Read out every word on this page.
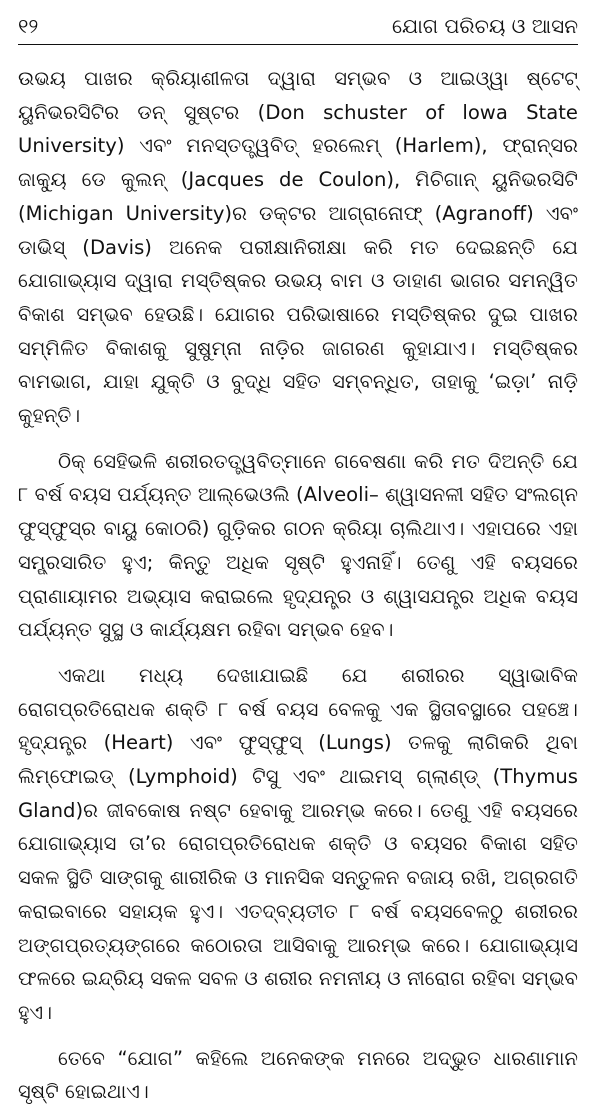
୧୨	ଯୋଗ ପରିଚୟ ଓ ଆସନ

ଉଭୟ ପାଖର କ୍ରିୟାଶୀଳତା ଦ୍ୱାରା ସମ୍ଭବ ଓ ଆଇଓ୍ୱା ଷ୍ଟେଟ୍ ୟୁନିଭରସିଟିର ଡନ୍ ସୁଷ୍ଟର (Don schuster of lowa State University) ଏବଂ ମନସ୍ତତ୍ତ୍ୱବିତ୍ ହରଲେମ୍ (Harlem), ଫ୍ରାନ୍ସର ଜାକ୍ୟୁ ଡେ କୁଲନ୍ (Jacques de Coulon), ମିଚିଗାନ୍ ୟୁନିଭରସିଟି (Michigan University)ର ଡକ୍ଟର ଆଗ୍ରାନୋଫ୍ (Agranoff) ଏବଂ ଡାଭିସ୍ (Davis) ଅନେକ ପରୀକ୍ଷାନିରୀକ୍ଷା କରି ମତ ଦେଇଛନ୍ତି ଯେ ଯୋଗାଭ୍ୟାସ ଦ୍ୱାରା ମସ୍ତିଷ୍କର ଉଭୟ ବାମ ଓ ଡାହାଣ ଭାଗର ସମନ୍ୱିତ ବିକାଶ ସମ୍ଭବ ହେଉଛି। ଯୋଗର ପରିଭାଷାରେ ମସ୍ତିଷ୍କର ଦୁଇ ପାଖର ସମ୍ମିଳିତ ବିକାଶକୁ ସୁଷୁମ୍ନା ନାଡ଼ିର ଜାଗରଣ କୁହାଯାଏ। ମସ୍ତିଷ୍କର ବାମଭାଗ, ଯାହା ଯୁକ୍ତି ଓ ବୁଦ୍ଧି ସହିତ ସମ୍ବନ୍ଧିତ, ତାହାକୁ ‘ଇଡ଼ା’ ନାଡ଼ି କୁହନ୍ତି।

ଠିକ୍ ସେହିଭଳି ଶରୀରତତ୍ତ୍ୱବିତ୍ମାନେ ଗବେଷଣା କରି ମତ ଦିଅନ୍ତି ଯେ ୮ ବର୍ଷ ବୟସ ପର୍ଯ୍ୟନ୍ତ ଆଲ୍‌ଭେଓଲି (Alveoli– ଶ୍ୱାସନଳୀ ସହିତ ସଂଲଗ୍ନ ଫୁସ୍‌ଫୁସ୍‌ର ବାୟୁ କୋଠରି) ଗୁଡ଼ିକର ଗଠନ କ୍ରିୟା ଚାଲିଥାଏ। ଏହାପରେ ଏହା ସମ୍ପ୍ରସାରିତ ହୁଏ; କିନ୍ତୁ ଅଧିକ ସୃଷ୍ଟି ହୁଏନାହିଁ। ତେଣୁ ଏହି ବୟସରେ ପ୍ରାଣାୟାମର ଅଭ୍ୟାସ କରାଇଲେ ହୃଦ୍‌ଯନ୍ତ୍ର ଓ ଶ୍ୱାସଯନ୍ତ୍ର ଅଧିକ ବୟସ ପର୍ଯ୍ୟନ୍ତ ସୁସ୍ଥ ଓ କାର୍ଯ୍ୟକ୍ଷମ ରହିବା ସମ୍ଭବ ହେବ।

ଏକଥା ମଧ୍ୟ ଦେଖାଯାଇଛି ଯେ ଶରୀରର ସ୍ୱାଭାବିକ ରୋଗପ୍ରତିରୋଧକ ଶକ୍ତି ୮ ବର୍ଷ ବୟସ ବେଳକୁ ଏକ ସ୍ଥିତାବସ୍ଥାରେ ପହଞ୍ଚେ। ହୃଦ୍‌ଯନ୍ତ୍ର (Heart) ଏବଂ ଫୁସ୍‌ଫୁସ୍ (Lungs) ତଳକୁ ଲାଗିକରି ଥିବା ଲିମ୍ଫୋଇଡ୍ (Lymphoid) ଟିସୁ ଏବଂ ଥାଇମସ୍ ଗ୍ଲାଣ୍ଡ୍ (Thymus Gland)ର ଜୀବକୋଷ ନଷ୍ଟ ହେବାକୁ ଆରମ୍ଭ କରେ। ତେଣୁ ଏହି ବୟସରେ ଯୋଗାଭ୍ୟାସ ତା’ର ରୋଗପ୍ରତିରୋଧକ ଶକ୍ତି ଓ ବୟସର ବିକାଶ ସହିତ ସକଳ ସ୍ଥିତି ସାଙ୍ଗକୁ ଶାରୀରିକ ଓ ମାନସିକ ସନ୍ତୁଳନ ବଜାୟ ରଖି, ଅଗ୍ରଗତି କରାଇବାରେ ସହାୟକ ହୁଏ। ଏତଦ୍‌ବ୍ୟତୀତ ୮ ବର୍ଷ ବୟସବେଳଠୁ ଶରୀରର ଅଙ୍ଗପ୍ରତ୍ୟଙ୍ଗରେ କଠୋରତା ଆସିବାକୁ ଆରମ୍ଭ କରେ। ଯୋଗାଭ୍ୟାସ ଫଳରେ ଇନ୍ଦ୍ରିୟ ସକଳ ସବଳ ଓ ଶରୀର ନମନୀୟ ଓ ନୀରୋଗ ରହିବା ସମ୍ଭବ ହୁଏ।

ତେବେ “ଯୋଗ” କହିଲେ ଅନେକଙ୍କ ମନରେ ଅଦ୍ଭୁତ ଧାରଣାମାନ ସୃଷ୍ଟି ହୋଇଥାଏ।
